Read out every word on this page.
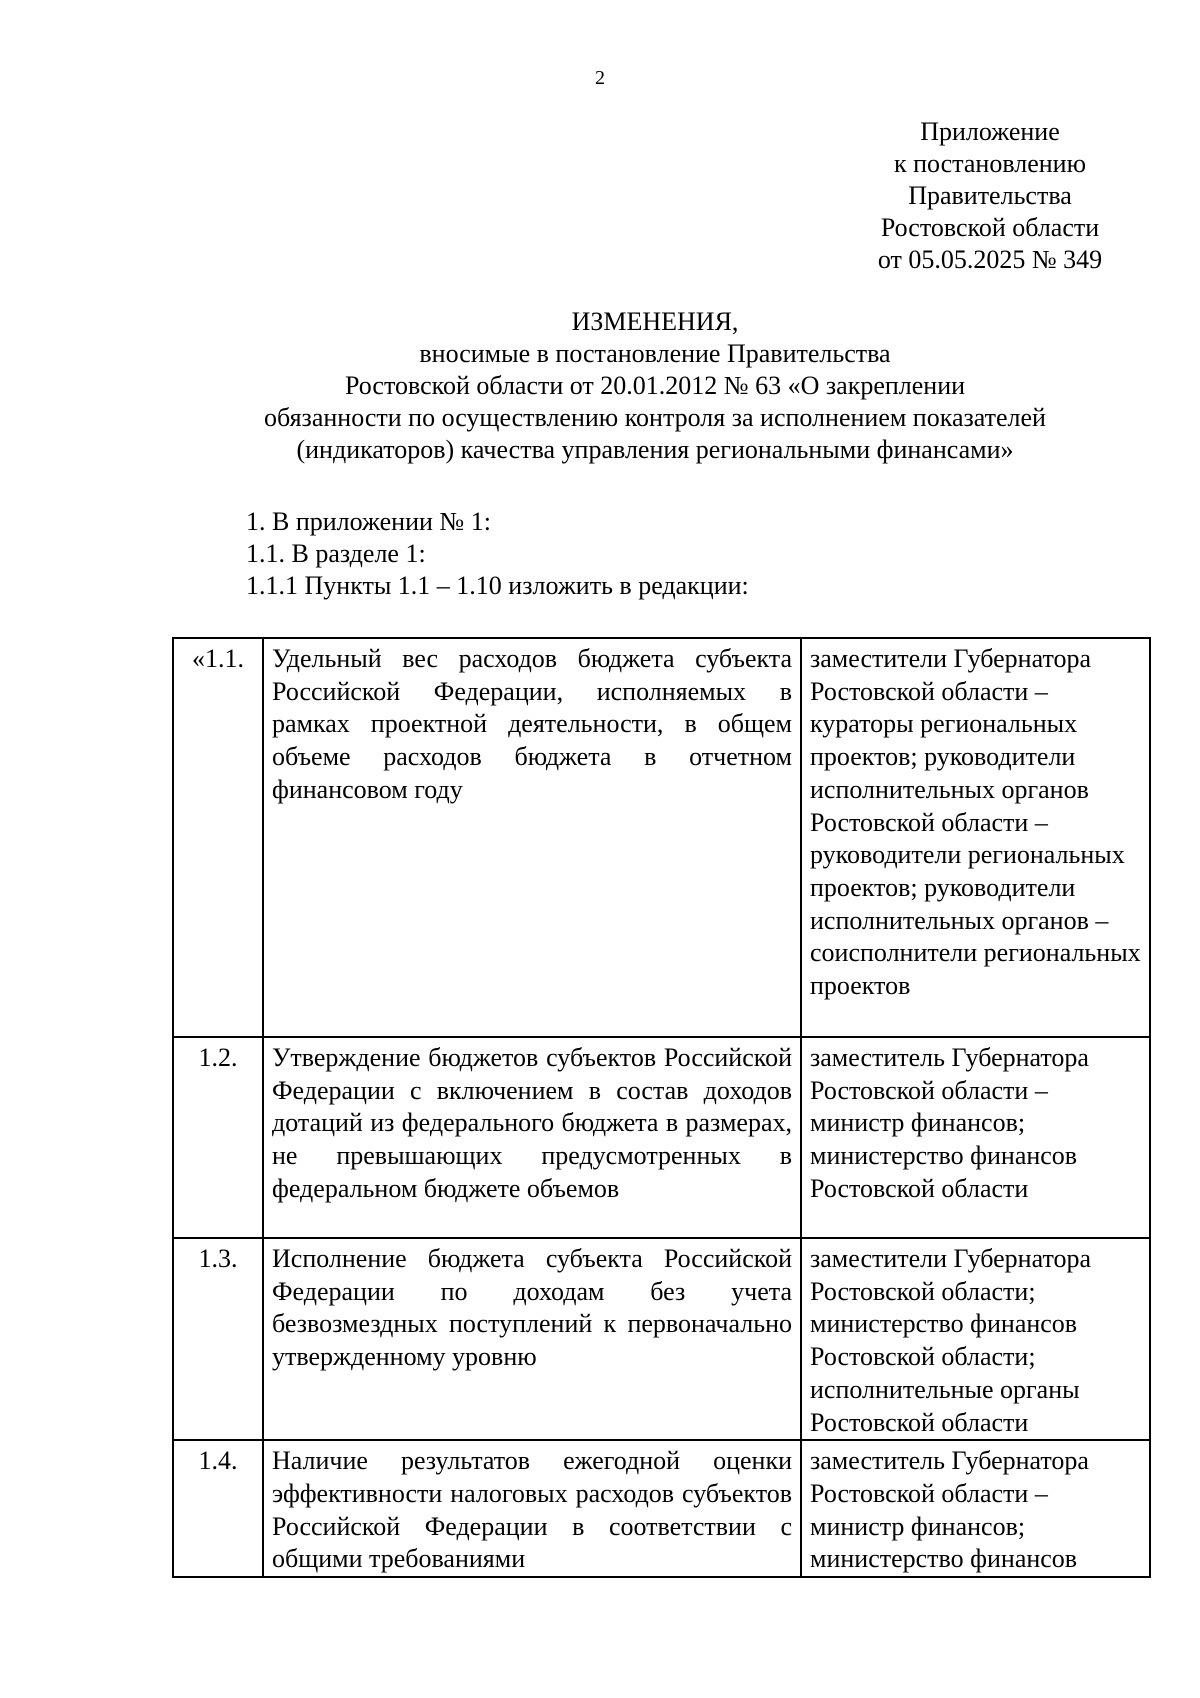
2
Приложение
к постановлению
Правительства
Ростовской области
от 05.05.2025 № 349
ИЗМЕНЕНИЯ,
вносимые в постановление Правительства
Ростовской области от 20.01.2012 № 63 «О закреплении
обязанности по осуществлению контроля за исполнением показателей
(индикаторов) качества управления региональными финансами»
1. В приложении № 1:
1.1. В разделе 1:
1.1.1 Пункты 1.1 – 1.10 изложить в редакции:
«1.1.	Удельный вес расходов бюджета субъекта Российской Федерации, исполняемых в рамках проектной деятельности, в общем объеме расходов бюджета в отчетном финансовом году	заместители Губернатора Ростовской области – кураторы региональных проектов; руководители исполнительных органов Ростовской области – руководители региональных проектов; руководители исполнительных органов – соисполнители региональных проектов
1.2.	Утверждение бюджетов субъектов Российской Федерации с включением в состав доходов дотаций из федерального бюджета в размерах, не превышающих предусмотренных в федеральном бюджете объемов	заместитель Губернатора Ростовской области – министр финансов; министерство финансов Ростовской области
1.3.	Исполнение бюджета субъекта Российской Федерации по доходам без учета безвозмездных поступлений к первоначально утвержденному уровню	заместители Губернатора Ростовской области; министерство финансов Ростовской области; исполнительные органы Ростовской области
1.4.	Наличие результатов ежегодной оценки эффективности налоговых расходов субъектов Российской Федерации в соответствии с общими требованиями	заместитель Губернатора Ростовской области – министр финансов; министерство финансов
